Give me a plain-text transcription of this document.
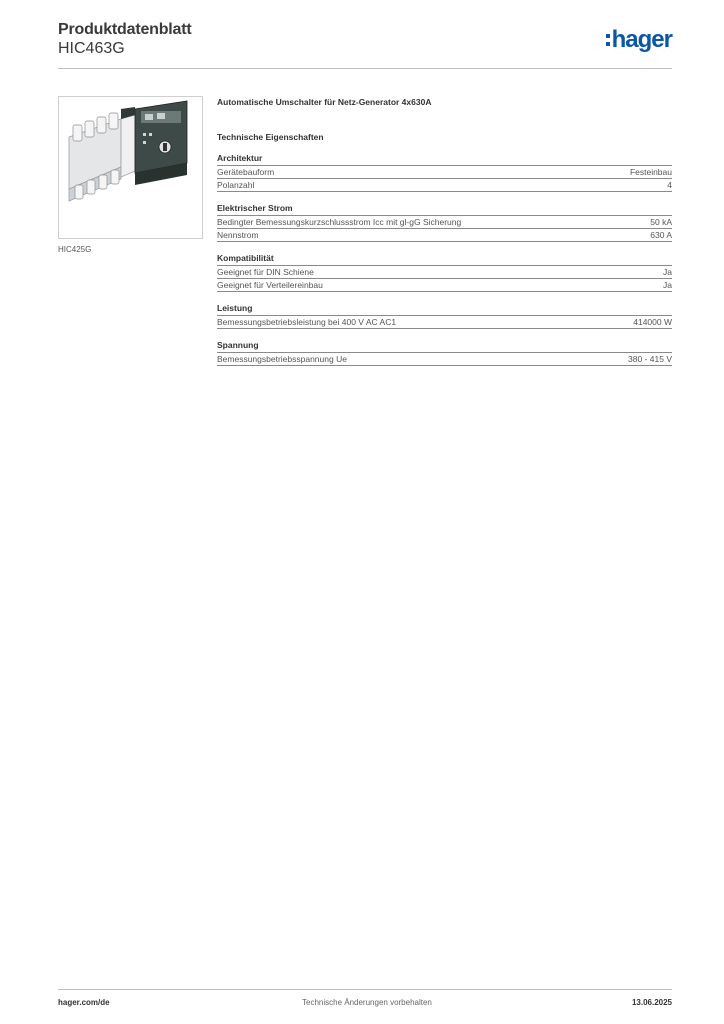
Produktdatenblatt
HIC463G	hager
HIC425G
Automatische Umschalter für Netz-Generator 4x630A
Technische Eigenschaften
Architektur
Gerätebauform	Festeinbau
Polanzahl	4
Elektrischer Strom
Bedingter Bemessungskurzschlussstrom Icc mit gl-gG Sicherung	50 kA
Nennstrom	630 A
Kompatibilität
Geeignet für DIN Schiene	Ja
Geeignet für Verteilereinbau	Ja
Leistung
Bemessungsbetriebsleistung bei 400 V AC AC1	414000 W
Spannung
Bemessungsbetriebsspannung Ue	380 - 415 V
hager.com/de	Technische Änderungen vorbehalten	13.06.2025
